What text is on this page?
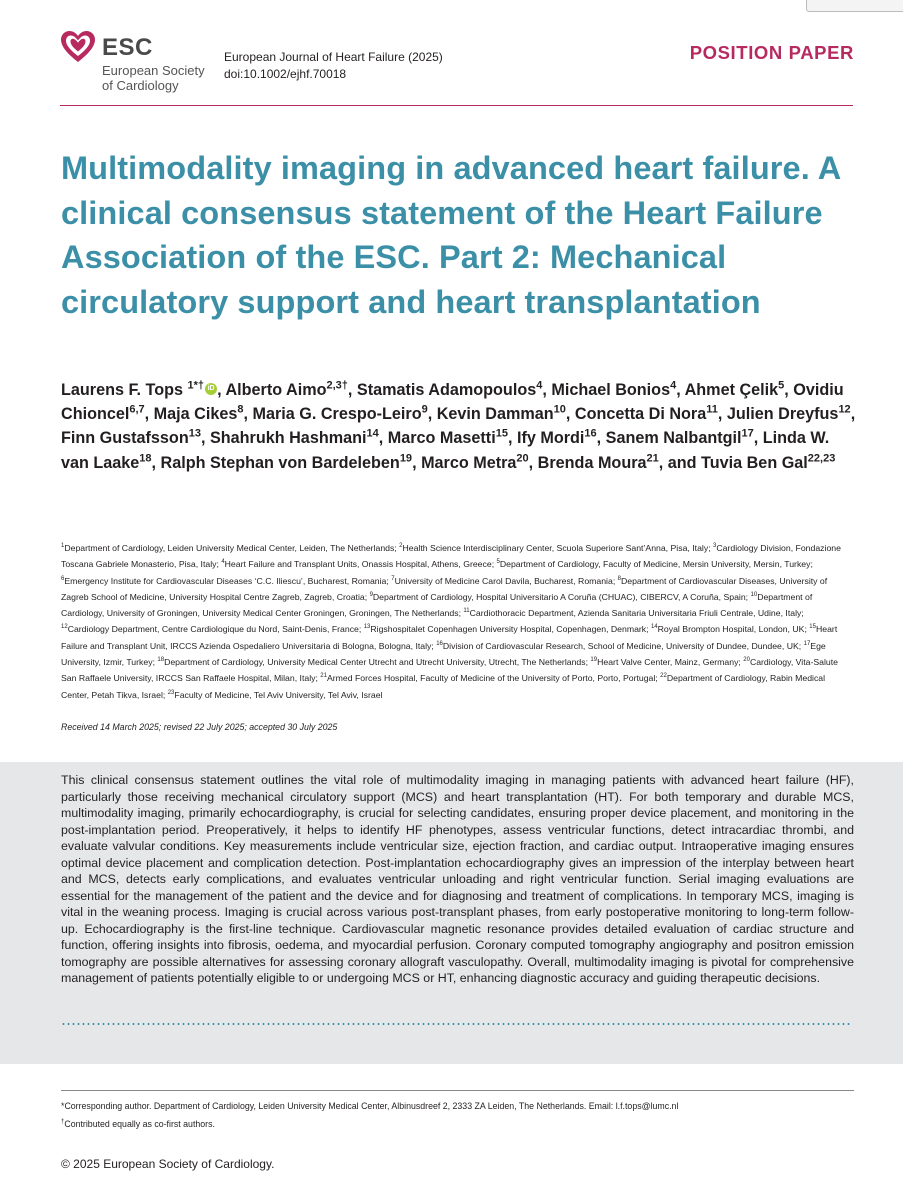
ESC
European Society
of Cardiology
European Journal of Heart Failure (2025)
doi:10.1002/ejhf.70018
POSITION PAPER
Multimodality imaging in advanced heart failure. A clinical consensus statement of the Heart Failure Association of the ESC. Part 2: Mechanical circulatory support and heart transplantation
Laurens F. Tops $^{1*\dagger}$ iD , Alberto Aimo$^{2,3\dagger}$, Stamatis Adamopoulos$^4$, Michael Bonios$^4$, Ahmet Çelik$^5$, Ovidiu Chioncel$^{6,7}$, Maja Cikes$^8$, Maria G. Crespo-Leiro$^9$, Kevin Damman$^{10}$, Concetta Di Nora$^{11}$, Julien Dreyfus$^{12}$, Finn Gustafsson$^{13}$, Shahrukh Hashmani$^{14}$, Marco Masetti$^{15}$, Ify Mordi$^{16}$, Sanem Nalbantgil$^{17}$, Linda W. van Laake$^{18}$, Ralph Stephan von Bardeleben$^{19}$, Marco Metra$^{20}$, Brenda Moura$^{21}$, and Tuvia Ben Gal$^{22,23}$
$^1$Department of Cardiology, Leiden University Medical Center, Leiden, The Netherlands; $^2$Health Science Interdisciplinary Center, Scuola Superiore Sant’Anna, Pisa, Italy; $^3$Cardiology Division, Fondazione Toscana Gabriele Monasterio, Pisa, Italy; $^4$Heart Failure and Transplant Units, Onassis Hospital, Athens, Greece; $^5$Department of Cardiology, Faculty of Medicine, Mersin University, Mersin, Turkey; $^6$Emergency Institute for Cardiovascular Diseases ‘C.C. Iliescu’, Bucharest, Romania; $^7$University of Medicine Carol Davila, Bucharest, Romania; $^8$Department of Cardiovascular Diseases, University of Zagreb School of Medicine, University Hospital Centre Zagreb, Zagreb, Croatia; $^9$Department of Cardiology, Hospital Universitario A Coruña (CHUAC), CIBERCV, A Coruña, Spain; $^{10}$Department of Cardiology, University of Groningen, University Medical Center Groningen, Groningen, The Netherlands; $^{11}$Cardiothoracic Department, Azienda Sanitaria Universitaria Friuli Centrale, Udine, Italy; $^{12}$Cardiology Department, Centre Cardiologique du Nord, Saint-Denis, France; $^{13}$Rigshospitalet Copenhagen University Hospital, Copenhagen, Denmark; $^{14}$Royal Brompton Hospital, London, UK; $^{15}$Heart Failure and Transplant Unit, IRCCS Azienda Ospedaliero Universitaria di Bologna, Bologna, Italy; $^{16}$Division of Cardiovascular Research, School of Medicine, University of Dundee, Dundee, UK; $^{17}$Ege University, Izmir, Turkey; $^{18}$Department of Cardiology, University Medical Center Utrecht and Utrecht University, Utrecht, The Netherlands; $^{19}$Heart Valve Center, Mainz, Germany; $^{20}$Cardiology, Vita-Salute San Raffaele University, IRCCS San Raffaele Hospital, Milan, Italy; $^{21}$Armed Forces Hospital, Faculty of Medicine of the University of Porto, Porto, Portugal; $^{22}$Department of Cardiology, Rabin Medical Center, Petah Tikva, Israel; $^{23}$Faculty of Medicine, Tel Aviv University, Tel Aviv, Israel
Received 14 March 2025; revised 22 July 2025; accepted 30 July 2025
This clinical consensus statement outlines the vital role of multimodality imaging in managing patients with advanced heart failure (HF), particularly those receiving mechanical circulatory support (MCS) and heart transplantation (HT). For both temporary and durable MCS, multimodality imaging, primarily echocardiography, is crucial for selecting candidates, ensuring proper device placement, and monitoring in the post-implantation period. Preoperatively, it helps to identify HF phenotypes, assess ventricular functions, detect intracardiac thrombi, and evaluate valvular conditions. Key measurements include ventricular size, ejection fraction, and cardiac output. Intraoperative imaging ensures optimal device placement and complication detection. Post-implantation echocardiography gives an impression of the interplay between heart and MCS, detects early complications, and evaluates ventricular unloading and right ventricular function. Serial imaging evaluations are essential for the management of the patient and the device and for diagnosing and treatment of complications. In temporary MCS, imaging is vital in the weaning process. Imaging is crucial across various post-transplant phases, from early postoperative monitoring to long-term follow-up. Echocardiography is the first-line technique. Cardiovascular magnetic resonance provides detailed evaluation of cardiac structure and function, offering insights into fibrosis, oedema, and myocardial perfusion. Coronary computed tomography angiography and positron emission tomography are possible alternatives for assessing coronary allograft vasculopathy. Overall, multimodality imaging is pivotal for comprehensive management of patients potentially eligible to or undergoing MCS or HT, enhancing diagnostic accuracy and guiding therapeutic decisions.
*Corresponding author. Department of Cardiology, Leiden University Medical Center, Albinusdreef 2, 2333 ZA Leiden, The Netherlands. Email: l.f.tops@lumc.nl
†Contributed equally as co-first authors.
© 2025 European Society of Cardiology.
